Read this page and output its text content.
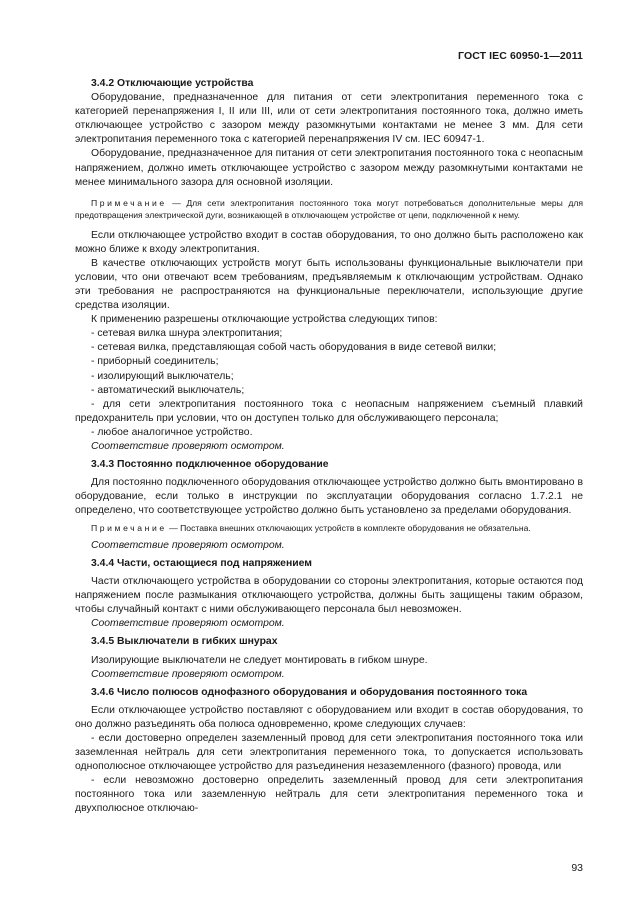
ГОСТ IEC 60950-1—2011

3.4.2 Отключающие устройства

Оборудование, предназначенное для питания от сети электропитания переменного тока с категорией перенапряжения I, II или III, или от сети электропитания постоянного тока, должно иметь отключающее устройство с зазором между разомкнутыми контактами не менее 3 мм. Для сети электропитания переменного тока с категорией перенапряжения IV см. IEC 60947-1.

Оборудование, предназначенное для питания от сети электропитания постоянного тока с неопасным напряжением, должно иметь отключающее устройство с зазором между разомкнутыми контактами не менее минимального зазора для основной изоляции.

Примечание — Для сети электропитания постоянного тока могут потребоваться дополнительные меры для предотвращения электрической дуги, возникающей в отключающем устройстве от цепи, подключенной к нему.

Если отключающее устройство входит в состав оборудования, то оно должно быть расположено как можно ближе к входу электропитания.

В качестве отключающих устройств могут быть использованы функциональные выключатели при условии, что они отвечают всем требованиям, предъявляемым к отключающим устройствам. Однако эти требования не распространяются на функциональные переключатели, использующие другие средства изоляции.

К применению разрешены отключающие устройства следующих типов:

- сетевая вилка шнура электропитания;

- сетевая вилка, представляющая собой часть оборудования в виде сетевой вилки;

- приборный соединитель;

- изолирующий выключатель;

- автоматический выключатель;

- для сети электропитания постоянного тока с неопасным напряжением съемный плавкий предохранитель при условии, что он доступен только для обслуживающего персонала;

- любое аналогичное устройство.

Соответствие проверяют осмотром.

3.4.3 Постоянно подключенное оборудование

Для постоянно подключенного оборудования отключающее устройство должно быть вмонтировано в оборудование, если только в инструкции по эксплуатации оборудования согласно 1.7.2.1 не определено, что соответствующее устройство должно быть установлено за пределами оборудования.

Примечание — Поставка внешних отключающих устройств в комплекте оборудования не обязательна.

Соответствие проверяют осмотром.

3.4.4 Части, остающиеся под напряжением

Части отключающего устройства в оборудовании со стороны электропитания, которые остаются под напряжением после размыкания отключающего устройства, должны быть защищены таким образом, чтобы случайный контакт с ними обслуживающего персонала был невозможен.

Соответствие проверяют осмотром.

3.4.5 Выключатели в гибких шнурах

Изолирующие выключатели не следует монтировать в гибком шнуре.

Соответствие проверяют осмотром.

3.4.6 Число полюсов однофазного оборудования и оборудования постоянного тока

Если отключающее устройство поставляют с оборудованием или входит в состав оборудования, то оно должно разъединять оба полюса одновременно, кроме следующих случаев:

- если достоверно определен заземленный провод для сети электропитания постоянного тока или заземленная нейтраль для сети электропитания переменного тока, то допускается использовать однополюсное отключающее устройство для разъединения незаземленного (фазного) провода, или

- если невозможно достоверно определить заземленный провод для сети электропитания постоянного тока или заземленную нейтраль для сети электропитания переменного тока и двухполюсное отключаю-

93
